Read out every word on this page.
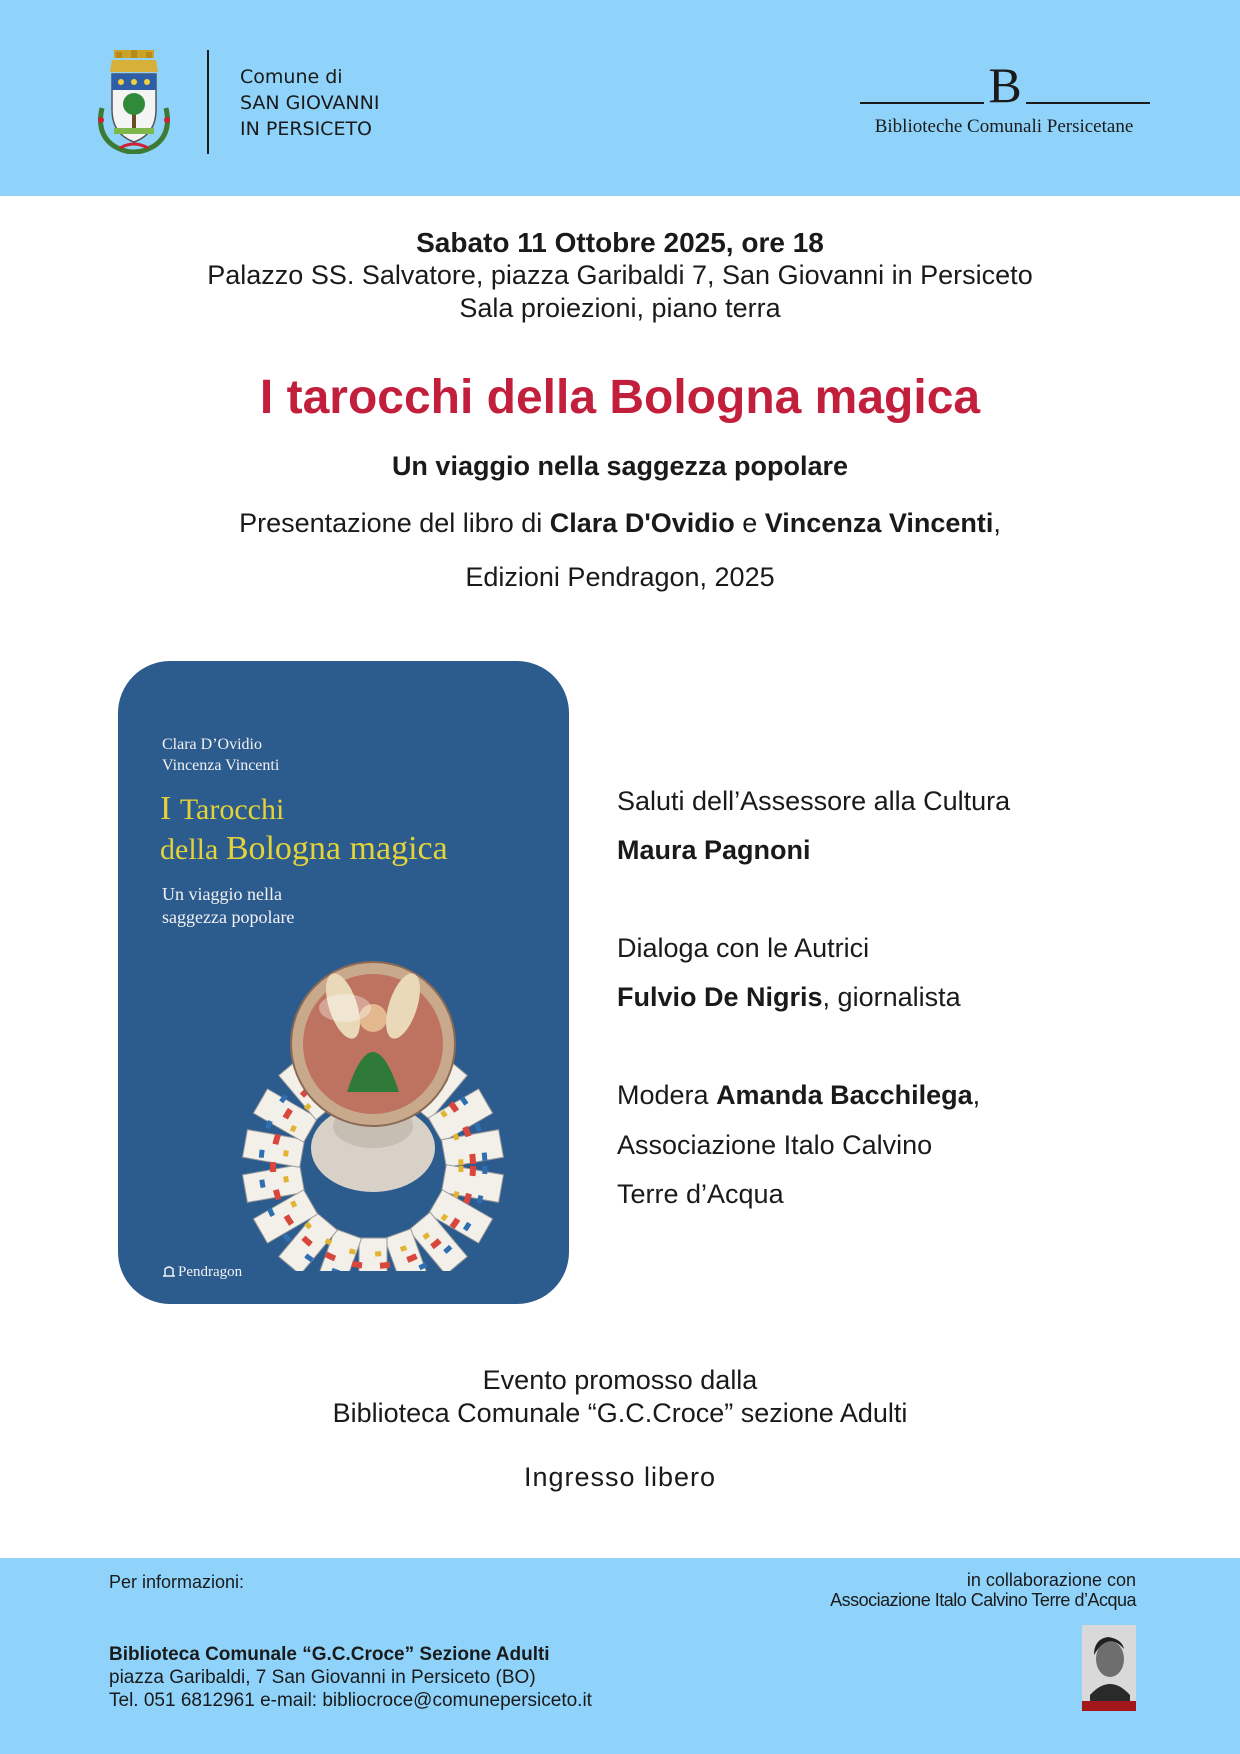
Comune di
SAN GIOVANNI
IN PERSICETO
B
Biblioteche Comunali Persicetane
Sabato 11 Ottobre 2025, ore 18
Palazzo SS. Salvatore, piazza Garibaldi 7, San Giovanni in Persiceto
Sala proiezioni, piano terra
I tarocchi della Bologna magica
Un viaggio nella saggezza popolare
Presentazione del libro di Clara D'Ovidio e Vincenza Vincenti,
Edizioni Pendragon, 2025
Clara D’Ovidio
Vincenza Vincenti
I Tarocchi
della Bologna magica
Un viaggio nella
saggezza popolare
Pendragon
Saluti dell’Assessore alla Cultura
Maura Pagnoni
Dialoga con le Autrici
Fulvio De Nigris, giornalista
Modera Amanda Bacchilega,
Associazione Italo Calvino
Terre d’Acqua
Evento promosso dalla
Biblioteca Comunale “G.C.Croce” sezione Adulti
Ingresso libero
Per informazioni:	in collaborazione con
Associazione Italo Calvino Terre d’Acqua
Biblioteca Comunale “G.C.Croce” Sezione Adulti
piazza Garibaldi, 7 San Giovanni in Persiceto (BO)
Tel. 051 6812961 e-mail: bibliocroce@comunepersiceto.it
